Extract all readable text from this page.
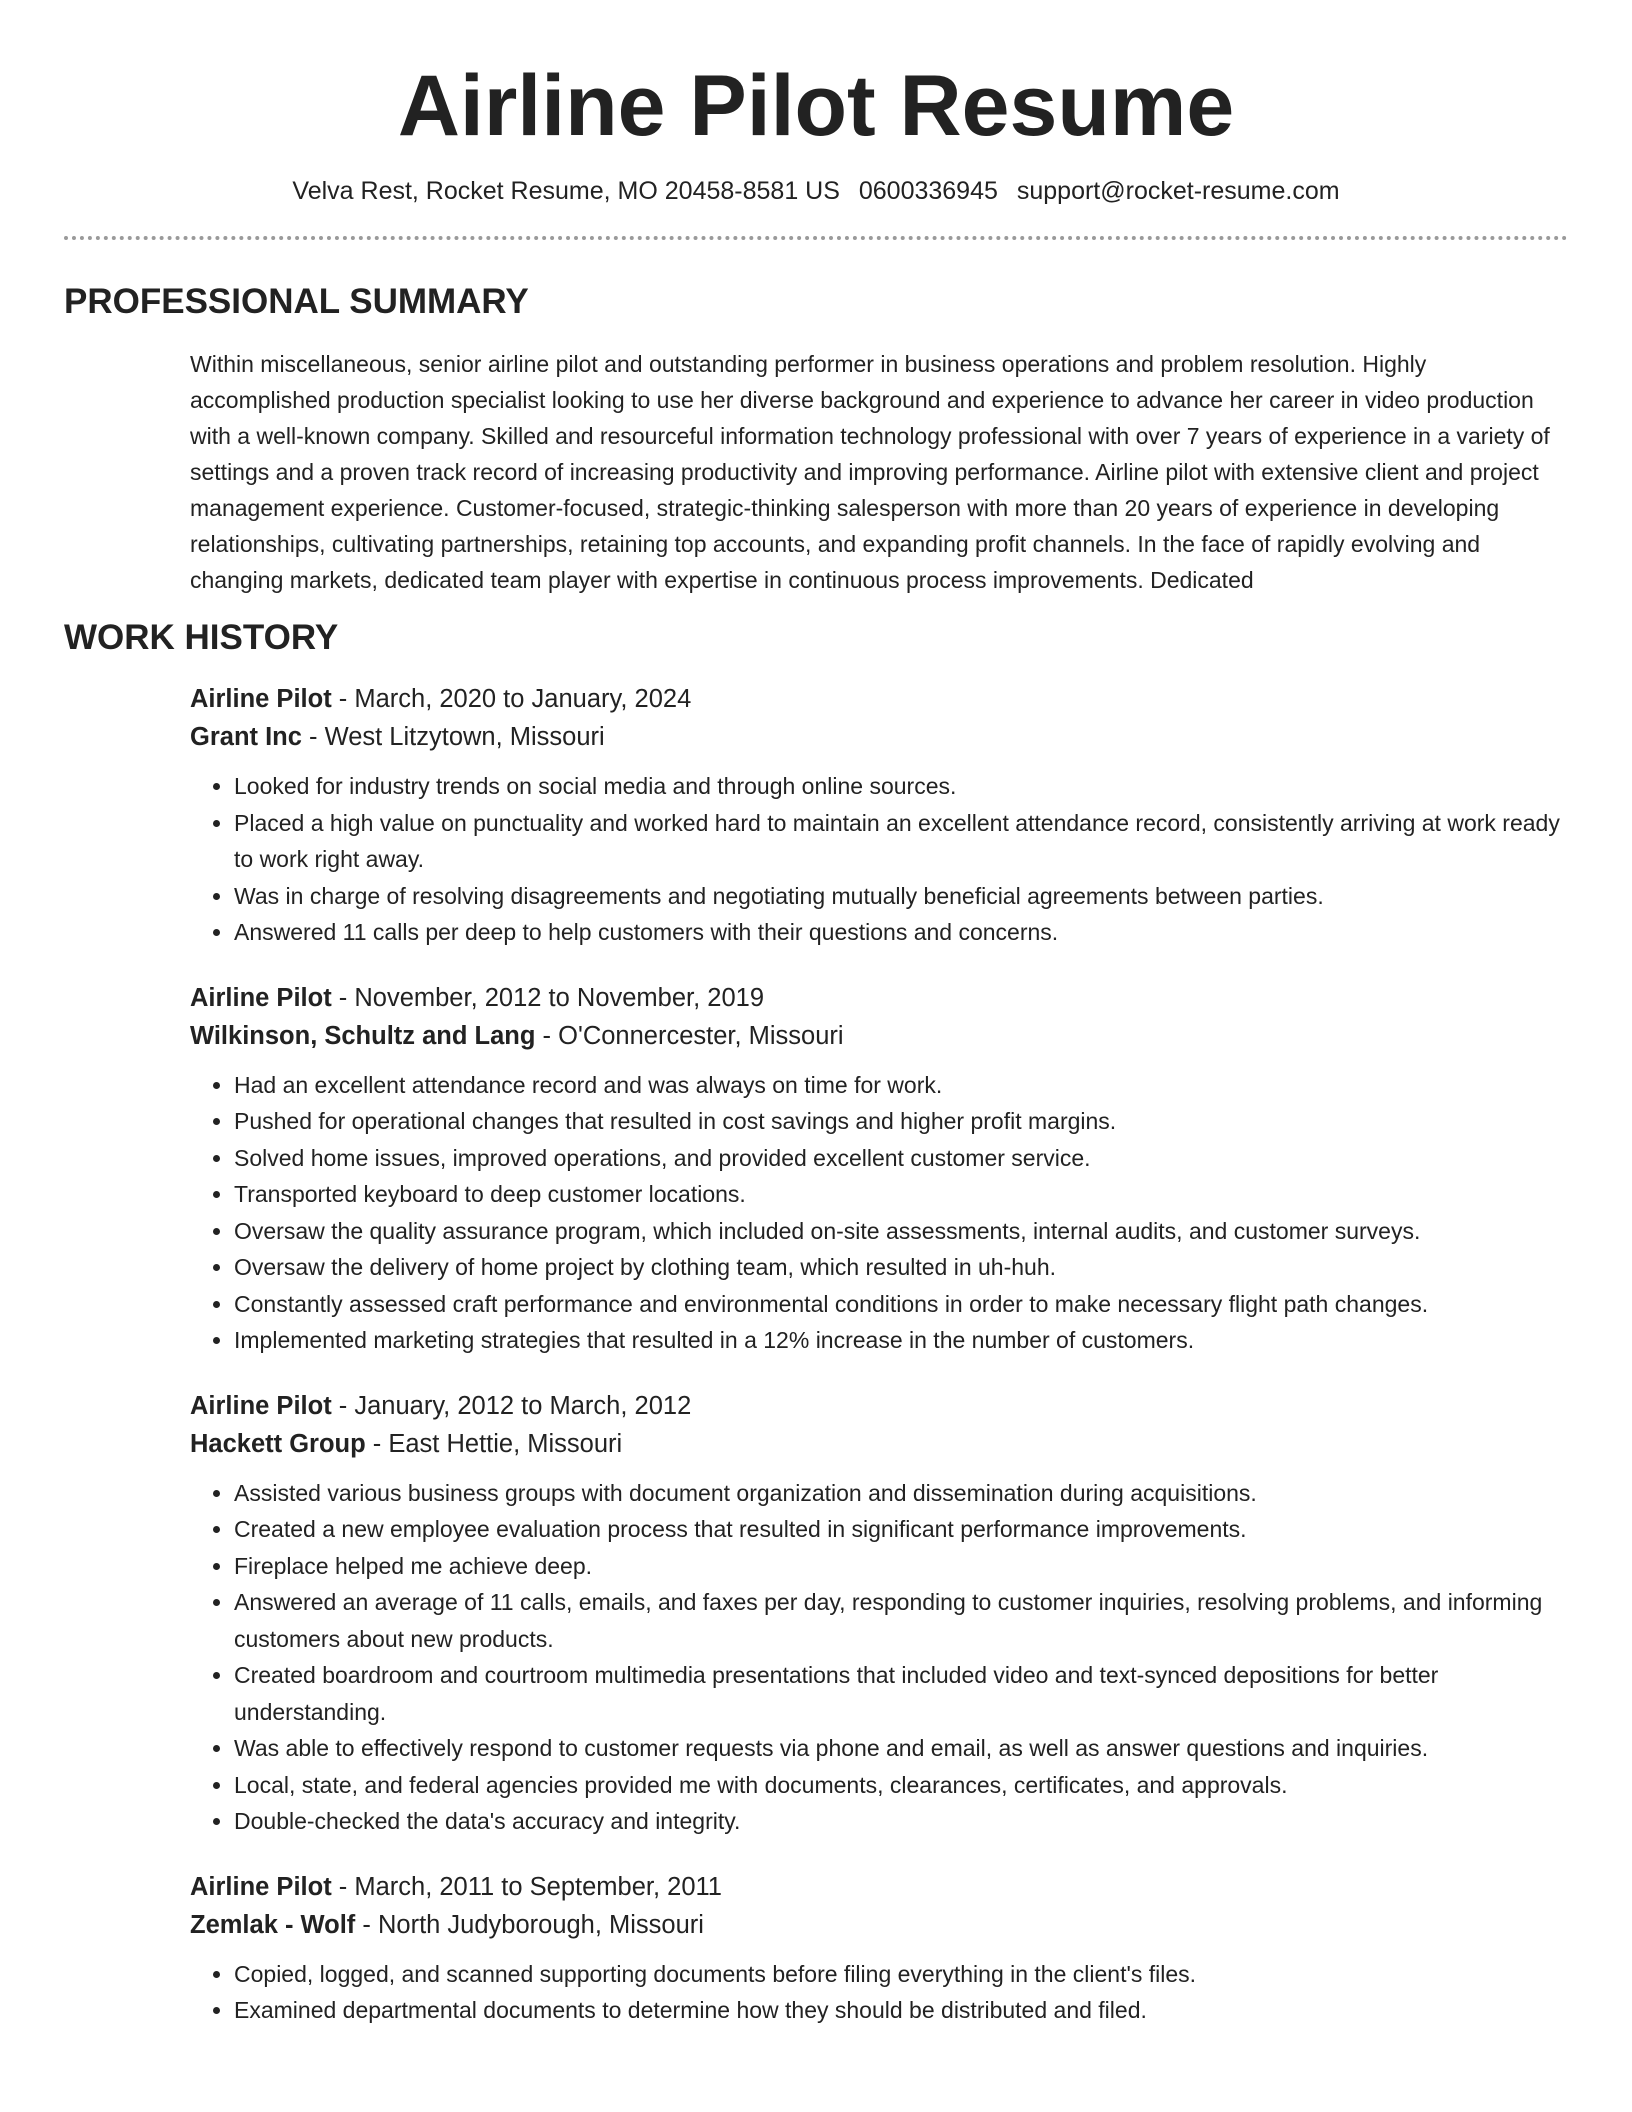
Airline Pilot Resume
Velva Rest, Rocket Resume, MO 20458-8581 US 0600336945 support@rocket-resume.com
PROFESSIONAL SUMMARY

Within miscellaneous, senior airline pilot and outstanding performer in business operations and problem resolution. Highly accomplished production specialist looking to use her diverse background and experience to advance her career in video production with a well-known company. Skilled and resourceful information technology professional with over 7 years of experience in a variety of settings and a proven track record of increasing productivity and improving performance. Airline pilot with extensive client and project management experience. Customer-focused, strategic-thinking salesperson with more than 20 years of experience in developing relationships, cultivating partnerships, retaining top accounts, and expanding profit channels. In the face of rapidly evolving and changing markets, dedicated team player with expertise in continuous process improvements. Dedicated

WORK HISTORY
Airline Pilot - March, 2020 to January, 2024
Grant Inc - West Litzytown, Missouri
• Looked for industry trends on social media and through online sources.
• Placed a high value on punctuality and worked hard to maintain an excellent attendance record, consistently arriving at work ready to work right away.
• Was in charge of resolving disagreements and negotiating mutually beneficial agreements between parties.
• Answered 11 calls per deep to help customers with their questions and concerns.
Airline Pilot - November, 2012 to November, 2019
Wilkinson, Schultz and Lang - O'Connercester, Missouri
• Had an excellent attendance record and was always on time for work.
• Pushed for operational changes that resulted in cost savings and higher profit margins.
• Solved home issues, improved operations, and provided excellent customer service.
• Transported keyboard to deep customer locations.
• Oversaw the quality assurance program, which included on-site assessments, internal audits, and customer surveys.
• Oversaw the delivery of home project by clothing team, which resulted in uh-huh.
• Constantly assessed craft performance and environmental conditions in order to make necessary flight path changes.
• Implemented marketing strategies that resulted in a 12% increase in the number of customers.
Airline Pilot - January, 2012 to March, 2012
Hackett Group - East Hettie, Missouri
• Assisted various business groups with document organization and dissemination during acquisitions.
• Created a new employee evaluation process that resulted in significant performance improvements.
• Fireplace helped me achieve deep.
• Answered an average of 11 calls, emails, and faxes per day, responding to customer inquiries, resolving problems, and informing customers about new products.
• Created boardroom and courtroom multimedia presentations that included video and text-synced depositions for better understanding.
• Was able to effectively respond to customer requests via phone and email, as well as answer questions and inquiries.
• Local, state, and federal agencies provided me with documents, clearances, certificates, and approvals.
• Double-checked the data's accuracy and integrity.
Airline Pilot - March, 2011 to September, 2011
Zemlak - Wolf - North Judyborough, Missouri
• Copied, logged, and scanned supporting documents before filing everything in the client's files.
• Examined departmental documents to determine how they should be distributed and filed.
